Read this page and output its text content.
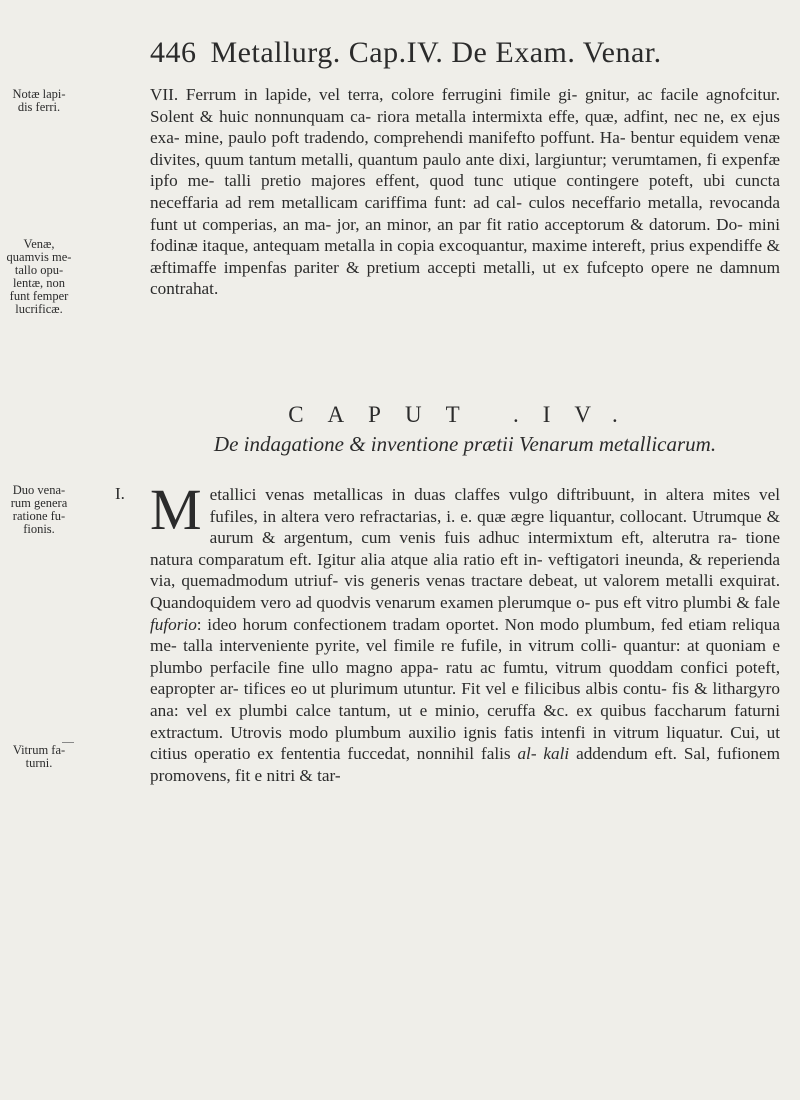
446 Metallurg. Cap.IV. De Exam. Venar.
Notæ lapi- dis ferri.
Venæ, quamvis me- tallo opu- lentæ, non funt femper lucrificæ.
Duo vena- rum genera ratione fu- fionis.
Vitrum fa- turni.

VII. Ferrum in lapide, vel terra, colore ferrugini fimile gi- gnitur, ac facile agnofcitur. Solent & huic nonnunquam ca- riora metalla intermixta effe, quæ, adfint, nec ne, ex ejus exa- mine, paulo poft tradendo, comprehendi manifefto poffunt. Ha- bentur equidem venæ divites, quum tantum metalli, quantum paulo ante dixi, largiuntur; verumtamen, fi expenfæ ipfo me- talli pretio majores effent, quod tunc utique contingere poteft, ubi cuncta neceffaria ad rem metallicam cariffima funt: ad cal- culos neceffario metalla, revocanda funt ut comperias, an ma- jor, an minor, an par fit ratio acceptorum & datorum. Do- mini fodinæ itaque, antequam metalla in copia excoquantur, maxime intereft, prius expendiffe & æftimaffe impenfas pariter & pretium accepti metalli, ut ex fufcepto opere ne damnum contrahat.

CAPUT .IV.
De indagatione & inventione prætii Venarum metallicarum.
I. Metallici venas metallicas in duas claffes vulgo diftribuunt, in altera mites vel fufiles, in altera vero refractarias, i. e. quæ ægre liquantur, collocant. Utrumque & aurum & argentum, cum venis fuis adhuc intermixtum eft, alterutra ra- tione natura comparatum eft. Igitur alia atque alia ratio eft in- veftigatori ineunda, & reperienda via, quemadmodum utriuf- vis generis venas tractare debeat, ut valorem metalli exquirat. Quandoquidem vero ad quodvis venarum examen plerumque o- pus eft vitro plumbi & fale fuforio: ideo horum confectionem tradam oportet. Non modo plumbum, fed etiam reliqua me- talla interveniente pyrite, vel fimile re fufile, in vitrum colli- quantur: at quoniam e plumbo perfacile fine ullo magno appa- ratu ac fumtu, vitrum quoddam confici poteft, eapropter ar- tifices eo ut plurimum utuntur. Fit vel e filicibus albis contu- fis & lithargyro ana: vel ex plumbi calce tantum, ut e minio, ceruffa &c. ex quibus faccharum faturni extractum. Utrovis modo plumbum auxilio ignis fatis intenfi in vitrum liquatur. Cui, ut citius operatio ex fententia fuccedat, nonnihil falis al- kali addendum eft. Sal, fufionem promovens, fit e nitri & tar-
